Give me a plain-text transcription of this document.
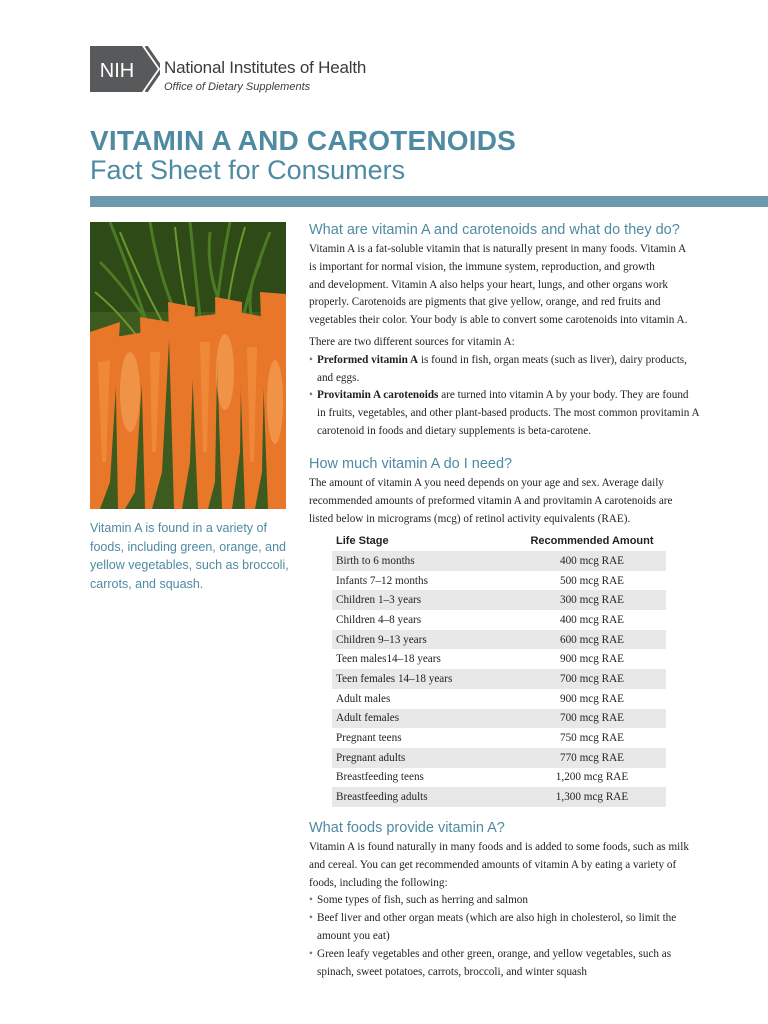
NIH National Institutes of Health
Office of Dietary Supplements
VITAMIN A AND CAROTENOIDS
Fact Sheet for Consumers
Vitamin A is found in a variety of foods, including green, orange, and yellow vegetables, such as broccoli, carrots, and squash.
What are vitamin A and carotenoids and what do they do?
Vitamin A is a fat-soluble vitamin that is naturally present in many foods. Vitamin A
is important for normal vision, the immune system, reproduction, and growth
and development. Vitamin A also helps your heart, lungs, and other organs work
properly. Carotenoids are pigments that give yellow, orange, and red fruits and
vegetables their color. Your body is able to convert some carotenoids into vitamin A.
There are two different sources for vitamin A:
• Preformed vitamin A is found in fish, organ meats (such as liver), dairy products,
and eggs.
• Provitamin A carotenoids are turned into vitamin A by your body. They are found
in fruits, vegetables, and other plant-based products. The most common provitamin A
carotenoid in foods and dietary supplements is beta-carotene.
How much vitamin A do I need?
The amount of vitamin A you need depends on your age and sex. Average daily
recommended amounts of preformed vitamin A and provitamin A carotenoids are
listed below in micrograms (mcg) of retinol activity equivalents (RAE).
Life Stage	Recommended Amount
Birth to 6 months	400 mcg RAE
Infants 7–12 months	500 mcg RAE
Children 1–3 years	300 mcg RAE
Children 4–8 years	400 mcg RAE
Children 9–13 years	600 mcg RAE
Teen males14–18 years	900 mcg RAE
Teen females 14–18 years	700 mcg RAE
Adult males	900 mcg RAE
Adult females	700 mcg RAE
Pregnant teens	750 mcg RAE
Pregnant adults	770 mcg RAE
Breastfeeding teens	1,200 mcg RAE
Breastfeeding adults	1,300 mcg RAE
What foods provide vitamin A?
Vitamin A is found naturally in many foods and is added to some foods, such as milk
and cereal. You can get recommended amounts of vitamin A by eating a variety of
foods, including the following:
• Some types of fish, such as herring and salmon
• Beef liver and other organ meats (which are also high in cholesterol, so limit the
amount you eat)
• Green leafy vegetables and other green, orange, and yellow vegetables, such as
spinach, sweet potatoes, carrots, broccoli, and winter squash
